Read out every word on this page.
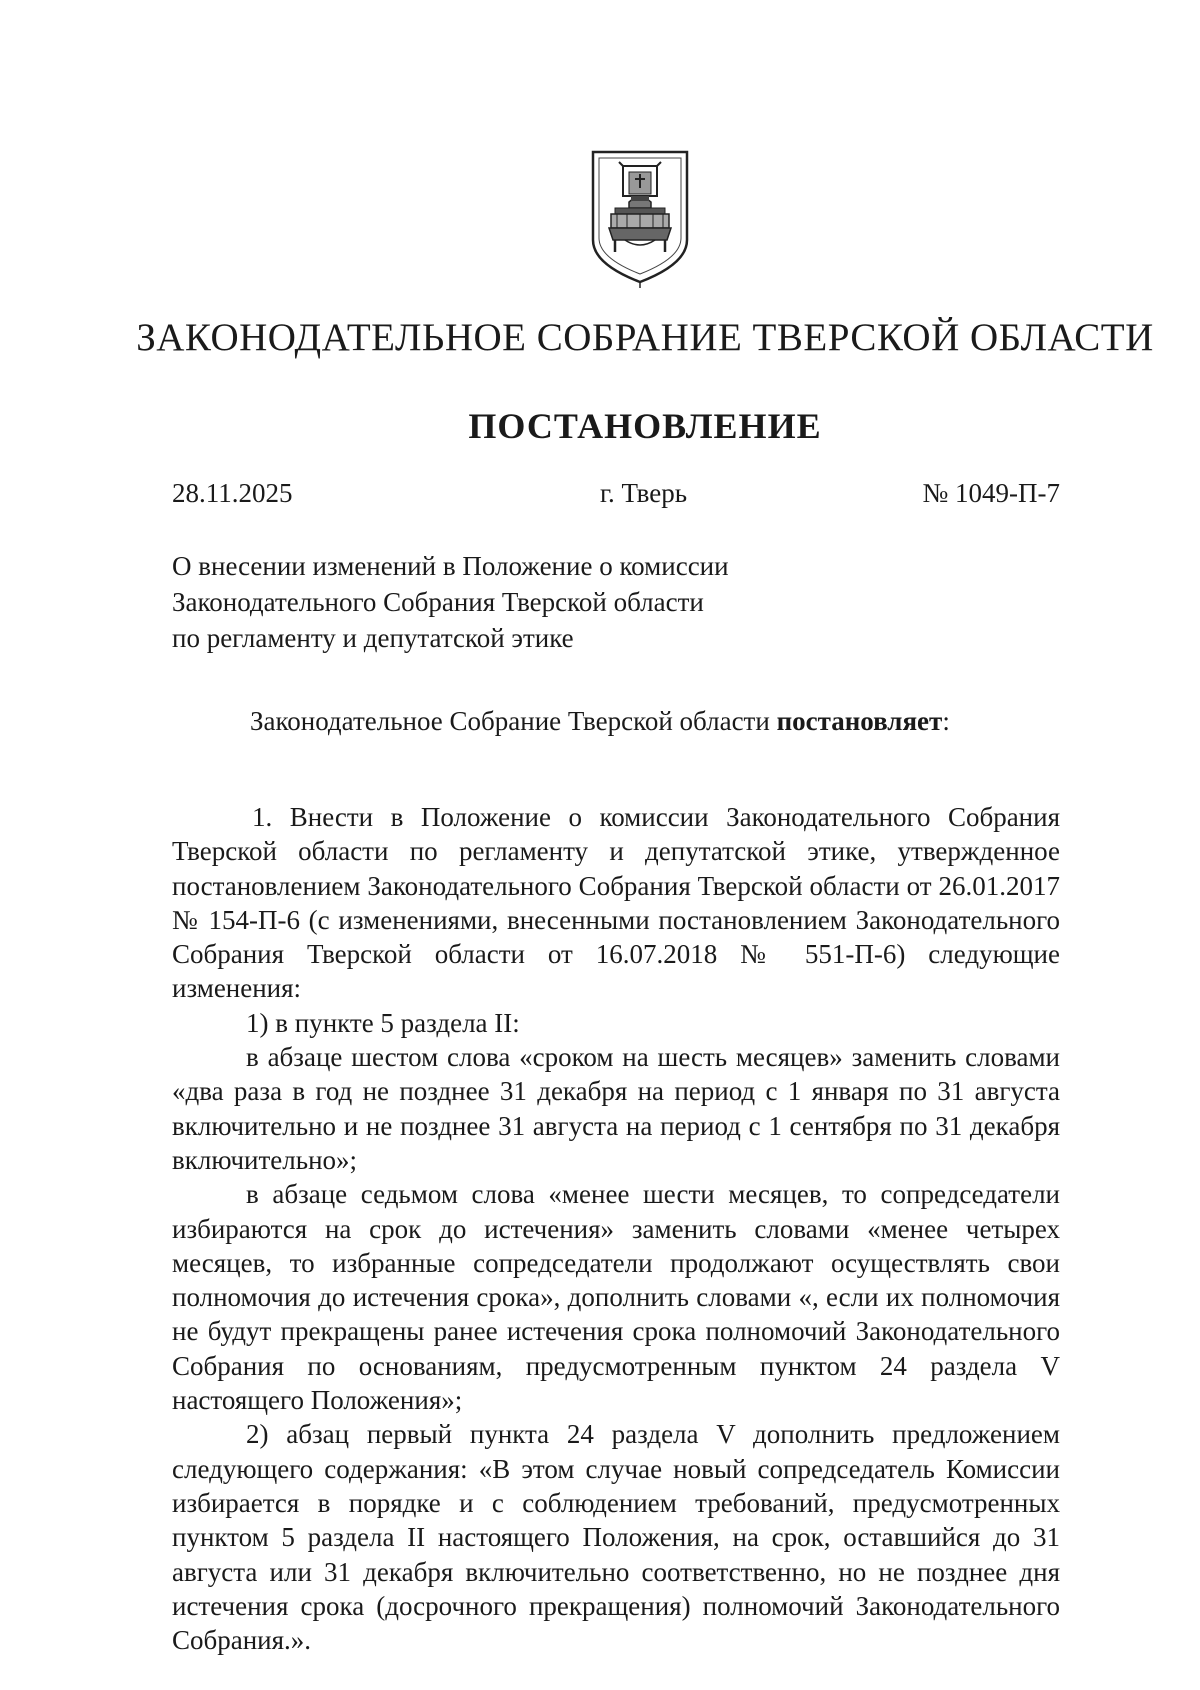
ЗАКОНОДАТЕЛЬНОЕ СОБРАНИЕ ТВЕРСКОЙ ОБЛАСТИ
ПОСТАНОВЛЕНИЕ
28.11.2025	г. Тверь	№ 1049-П-7
О внесении изменений в Положение о комиссии
Законодательного Собрания Тверской области
по регламенту и депутатской этике
Законодательное Собрание Тверской области постановляет:

1. Внести в Положение о комиссии Законодательного Собрания Тверской области по регламенту и депутатской этике, утвержденное постановлением Законодательного Собрания Тверской области от 26.01.2017 № 154-П-6 (с изменениями, внесенными постановлением Законодательного Собрания Тверской области от 16.07.2018 № 551-П-6) следующие изменения:

1) в пункте 5 раздела II:

в абзаце шестом слова «сроком на шесть месяцев» заменить словами «два раза в год не позднее 31 декабря на период с 1 января по 31 августа включительно и не позднее 31 августа на период с 1 сентября по 31 декабря включительно»;

в абзаце седьмом слова «менее шести месяцев, то сопредседатели избираются на срок до истечения» заменить словами «менее четырех месяцев, то избранные сопредседатели продолжают осуществлять свои полномочия до истечения срока», дополнить словами «, если их полномочия не будут прекращены ранее истечения срока полномочий Законодательного Собрания по основаниям, предусмотренным пунктом 24 раздела V настоящего Положения»;

2) абзац первый пункта 24 раздела V дополнить предложением следующего содержания: «В этом случае новый сопредседатель Комиссии избирается в порядке и с соблюдением требований, предусмотренных пунктом 5 раздела II настоящего Положения, на срок, оставшийся до 31 августа или 31 декабря включительно соответственно, но не позднее дня истечения срока (досрочного прекращения) полномочий Законодательного Собрания.».
